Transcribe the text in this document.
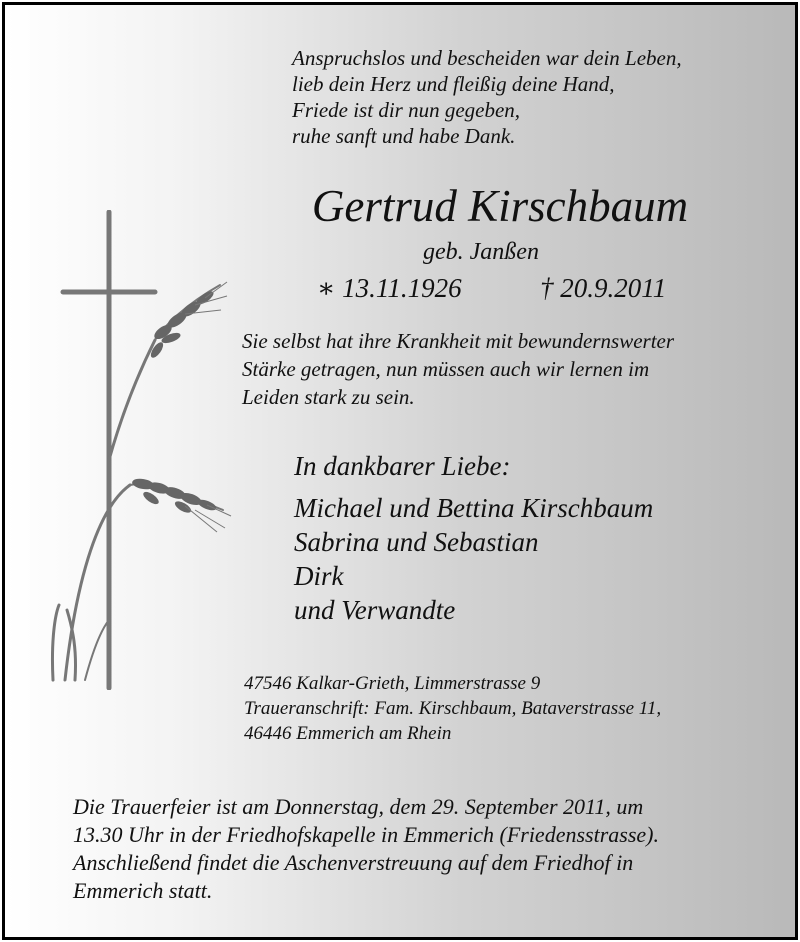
Anspruchslos und bescheiden war dein Leben,
lieb dein Herz und fleißig deine Hand,
Friede ist dir nun gegeben,
ruhe sanft und habe Dank.
Gertrud Kirschbaum
geb. Janßen
∗ 13.11.1926	† 20.9.2011
Sie selbst hat ihre Krankheit mit bewundernswerter
Stärke getragen, nun müssen auch wir lernen im
Leiden stark zu sein.
In dankbarer Liebe:
Michael und Bettina Kirschbaum
Sabrina und Sebastian
Dirk
und Verwandte
47546 Kalkar-Grieth, Limmerstrasse 9
Traueranschrift: Fam. Kirschbaum, Bataverstrasse 11,
46446 Emmerich am Rhein
Die Trauerfeier ist am Donnerstag, dem 29. September 2011, um
13.30 Uhr in der Friedhofskapelle in Emmerich (Friedensstrasse).
Anschließend findet die Aschenverstreuung auf dem Friedhof in
Emmerich statt.
